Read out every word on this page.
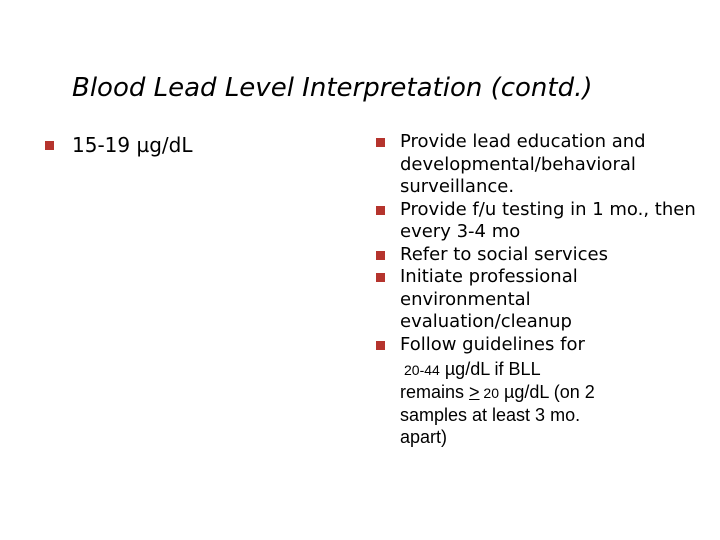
Blood Lead Level Interpretation (contd.)
15-19 µg/dL	Provide lead education and developmental/behavioral surveillance.
Provide f/u testing in 1 mo., then every 3-4 mo
Refer to social services
Initiate professional environmental evaluation/cleanup
Follow guidelines for
20-44 µg/dL if BLL
remains ≥ 20 µg/dL (on 2
samples at least 3 mo.
apart)
